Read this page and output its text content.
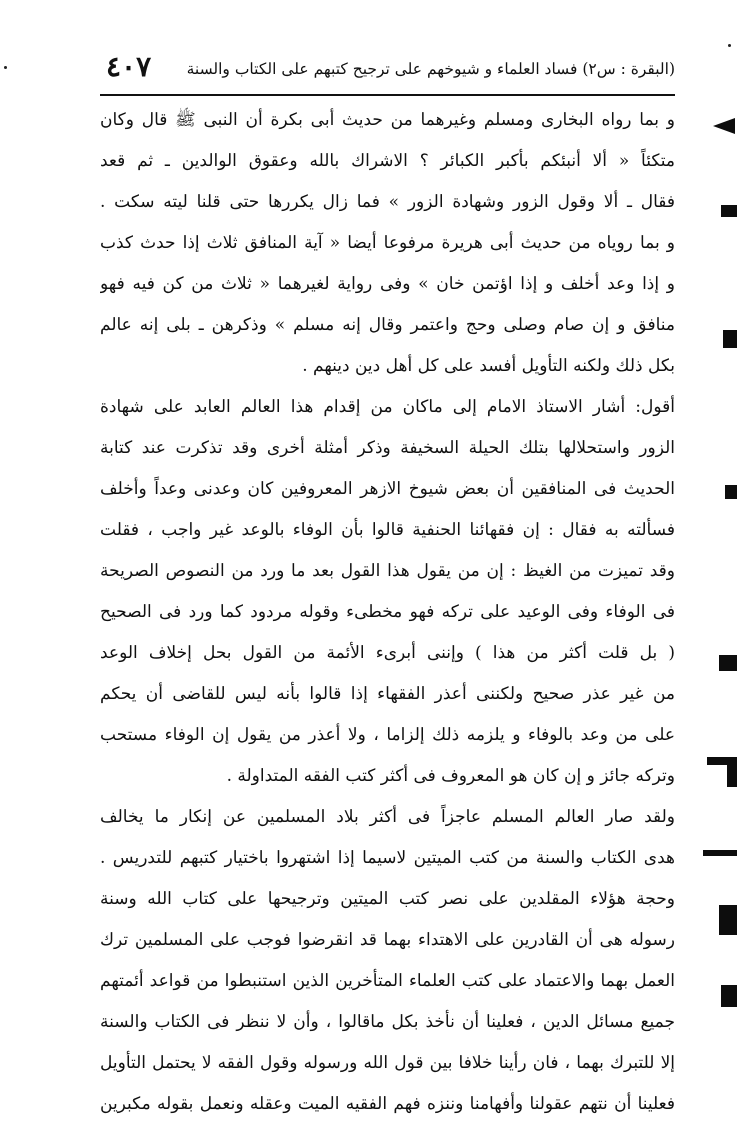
٤٠٧ (البقرة : س٢) فساد العلماء و شيوخهم على ترجيح كتبهم على الكتاب والسنة
و بما رواه البخارى ومسلم وغيرهما من حديث أبى بكرة أن النبى ﷺ قال وكان
متكئاً « ألا أنبئكم بأكبر الكبائر ؟ الاشراك بالله وعقوق الوالدين ـ ثم قعد
فقال ـ ألا وقول الزور وشهادة الزور » فما زال يكررها حتى قلنا ليته سكت .
و بما روياه من حديث أبى هريرة مرفوعا أيضا « آية المنافق ثلاث إذا حدث كذب
و إذا وعد أخلف و إذا اؤتمن خان » وفى رواية لغيرهما « ثلاث من كن فيه فهو
منافق و إن صام وصلى وحج واعتمر وقال إنه مسلم » وذكرهن ـ بلى إنه عالم
بكل ذلك ولكنه التأويل أفسد على كل أهل دين دينهم .
أقول: أشار الاستاذ الامام إلى ماكان من إقدام هذا العالم العابد على شهادة
الزور واستحلالها بتلك الحيلة السخيفة وذكر أمثلة أخرى وقد تذكرت عند كتابة
الحديث فى المنافقين أن بعض شيوخ الازهر المعروفين كان وعدنى وعداً وأخلف
فسألته به فقال : إن فقهائنا الحنفية قالوا بأن الوفاء بالوعد غير واجب ، فقلت
وقد تميزت من الغيظ : إن من يقول هذا القول بعد ما ورد من النصوص الصريحة
فى الوفاء وفى الوعيد على تركه فهو مخطىء وقوله مردود كما ورد فى الصحيح
( بل قلت أكثر من هذا ) وإننى أبرىء الأئمة من القول بحل إخلاف الوعد
من غير عذر صحيح ولكننى أعذر الفقهاء إذا قالوا بأنه ليس للقاضى أن يحكم
على من وعد بالوفاء و يلزمه ذلك إلزاما ، ولا أعذر من يقول إن الوفاء مستحب
وتركه جائز و إن كان هو المعروف فى أكثر كتب الفقه المتداولة .
ولقد صار العالم المسلم عاجزاً فى أكثر بلاد المسلمين عن إنكار ما يخالف
هدى الكتاب والسنة من كتب الميتين لاسيما إذا اشتهروا باختيار كتبهم للتدريس .
وحجة هؤلاء المقلدين على نصر كتب الميتين وترجيحها على كتاب الله وسنة
رسوله هى أن القادرين على الاهتداء بهما قد انقرضوا فوجب على المسلمين ترك
العمل بهما والاعتماد على كتب العلماء المتأخرين الذين استنبطوا من قواعد أئمتهم
جميع مسائل الدين ، فعلينا أن نأخذ بكل ماقالوا ، وأن لا ننظر فى الكتاب والسنة
إلا للتبرك بهما ، فان رأينا خلافا بين قول الله ورسوله وقول الفقه لا يحتمل التأويل
فعلينا أن نتهم عقولنا وأفهامنا وننزه فهم الفقيه الميت وعقله ونعمل بقوله مكبرين
